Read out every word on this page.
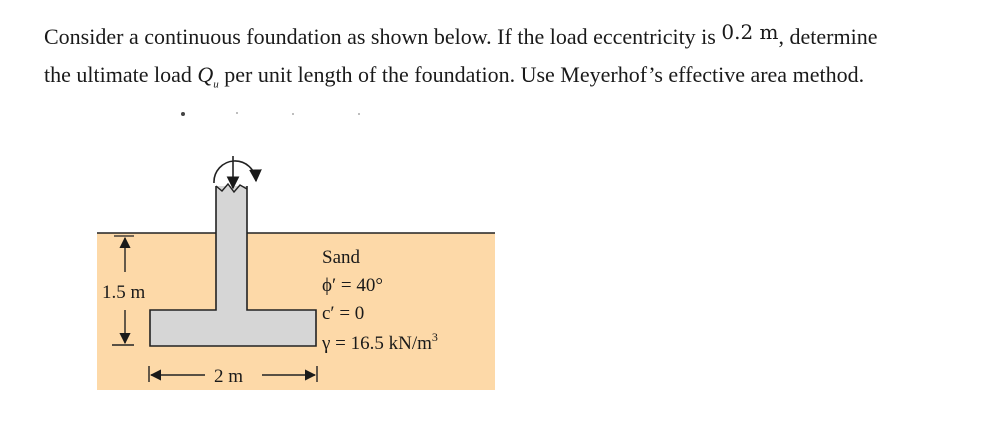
Consider a continuous foundation as shown below. If the load eccentricity is 0.2 m, determine
the ultimate load $Q_u$ per unit length of the foundation. Use Meyerhof’s effective area method.
1.5 m
2 m
Sand
ϕ′ = 40°
c′ = 0
γ = 16.5 $kN/m^3$
